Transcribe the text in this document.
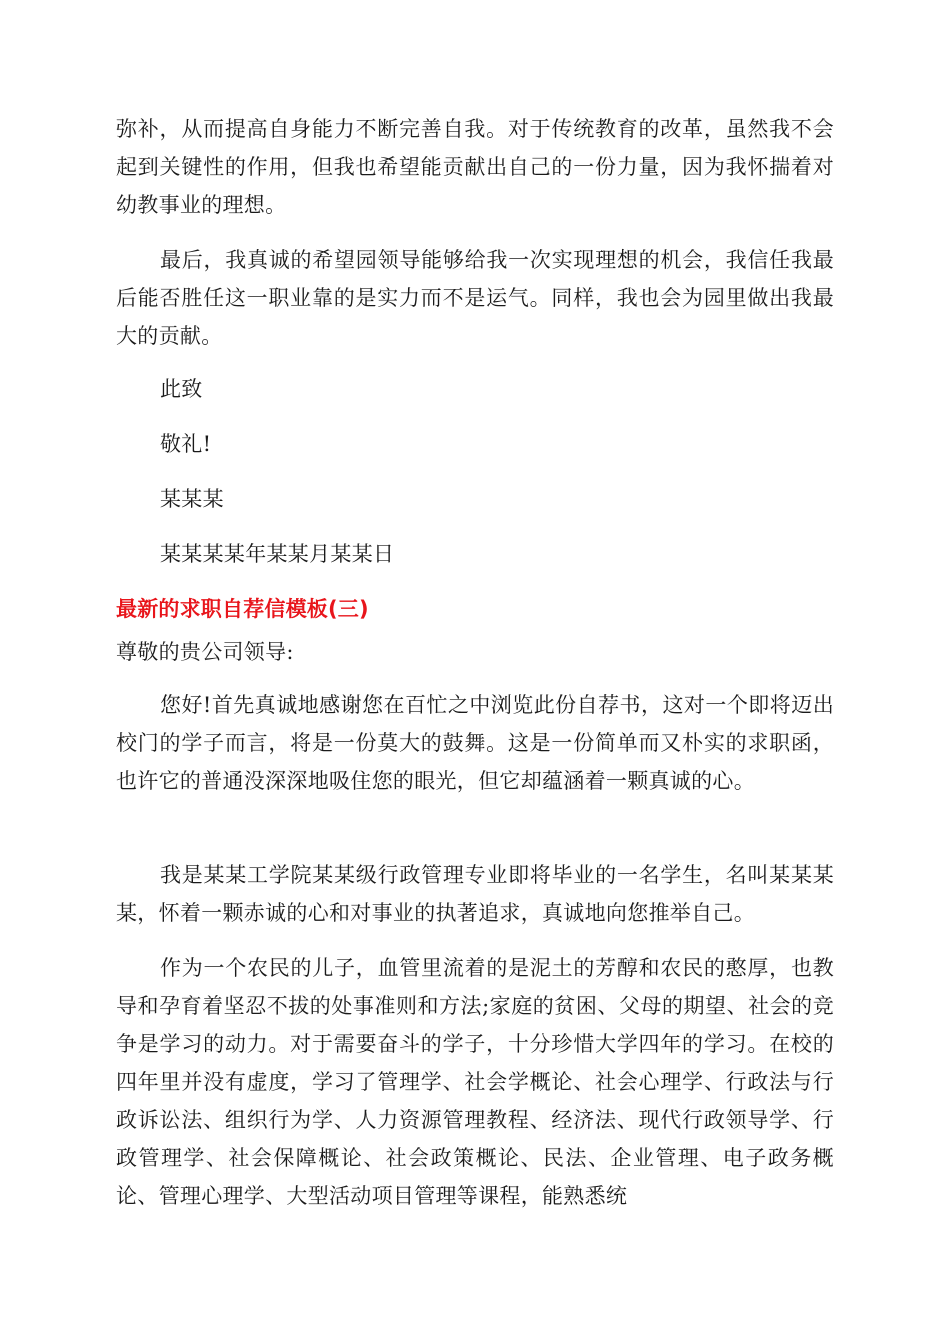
弥补，从而提高自身能力不断完善自我。对于传统教育的改革，虽然我不会起到关键性的作用，但我也希望能贡献出自己的一份力量，因为我怀揣着对幼教事业的理想。

最后，我真诚的希望园领导能够给我一次实现理想的机会，我信任我最后能否胜任这一职业靠的是实力而不是运气。同样，我也会为园里做出我最大的贡献。

此致

敬礼!

某某某

某某某某年某某月某某日

最新的求职自荐信模板(三)

尊敬的贵公司领导:

您好!首先真诚地感谢您在百忙之中浏览此份自荐书，这对一个即将迈出校门的学子而言，将是一份莫大的鼓舞。这是一份简单而又朴实的求职函，也许它的普通没深深地吸住您的眼光，但它却蕴涵着一颗真诚的心。

我是某某工学院某某级行政管理专业即将毕业的一名学生，名叫某某某某，怀着一颗赤诚的心和对事业的执著追求，真诚地向您推举自己。

作为一个农民的儿子，血管里流着的是泥土的芳醇和农民的憨厚，也教导和孕育着坚忍不拔的处事准则和方法;家庭的贫困、父母的期望、社会的竞争是学习的动力。对于需要奋斗的学子，十分珍惜大学四年的学习。在校的四年里并没有虚度，学习了管理学、社会学概论、社会心理学、行政法与行政诉讼法、组织行为学、人力资源管理教程、经济法、现代行政领导学、行政管理学、社会保障概论、社会政策概论、民法、企业管理、电子政务概论、管理心理学、大型活动项目管理等课程，能熟悉统
